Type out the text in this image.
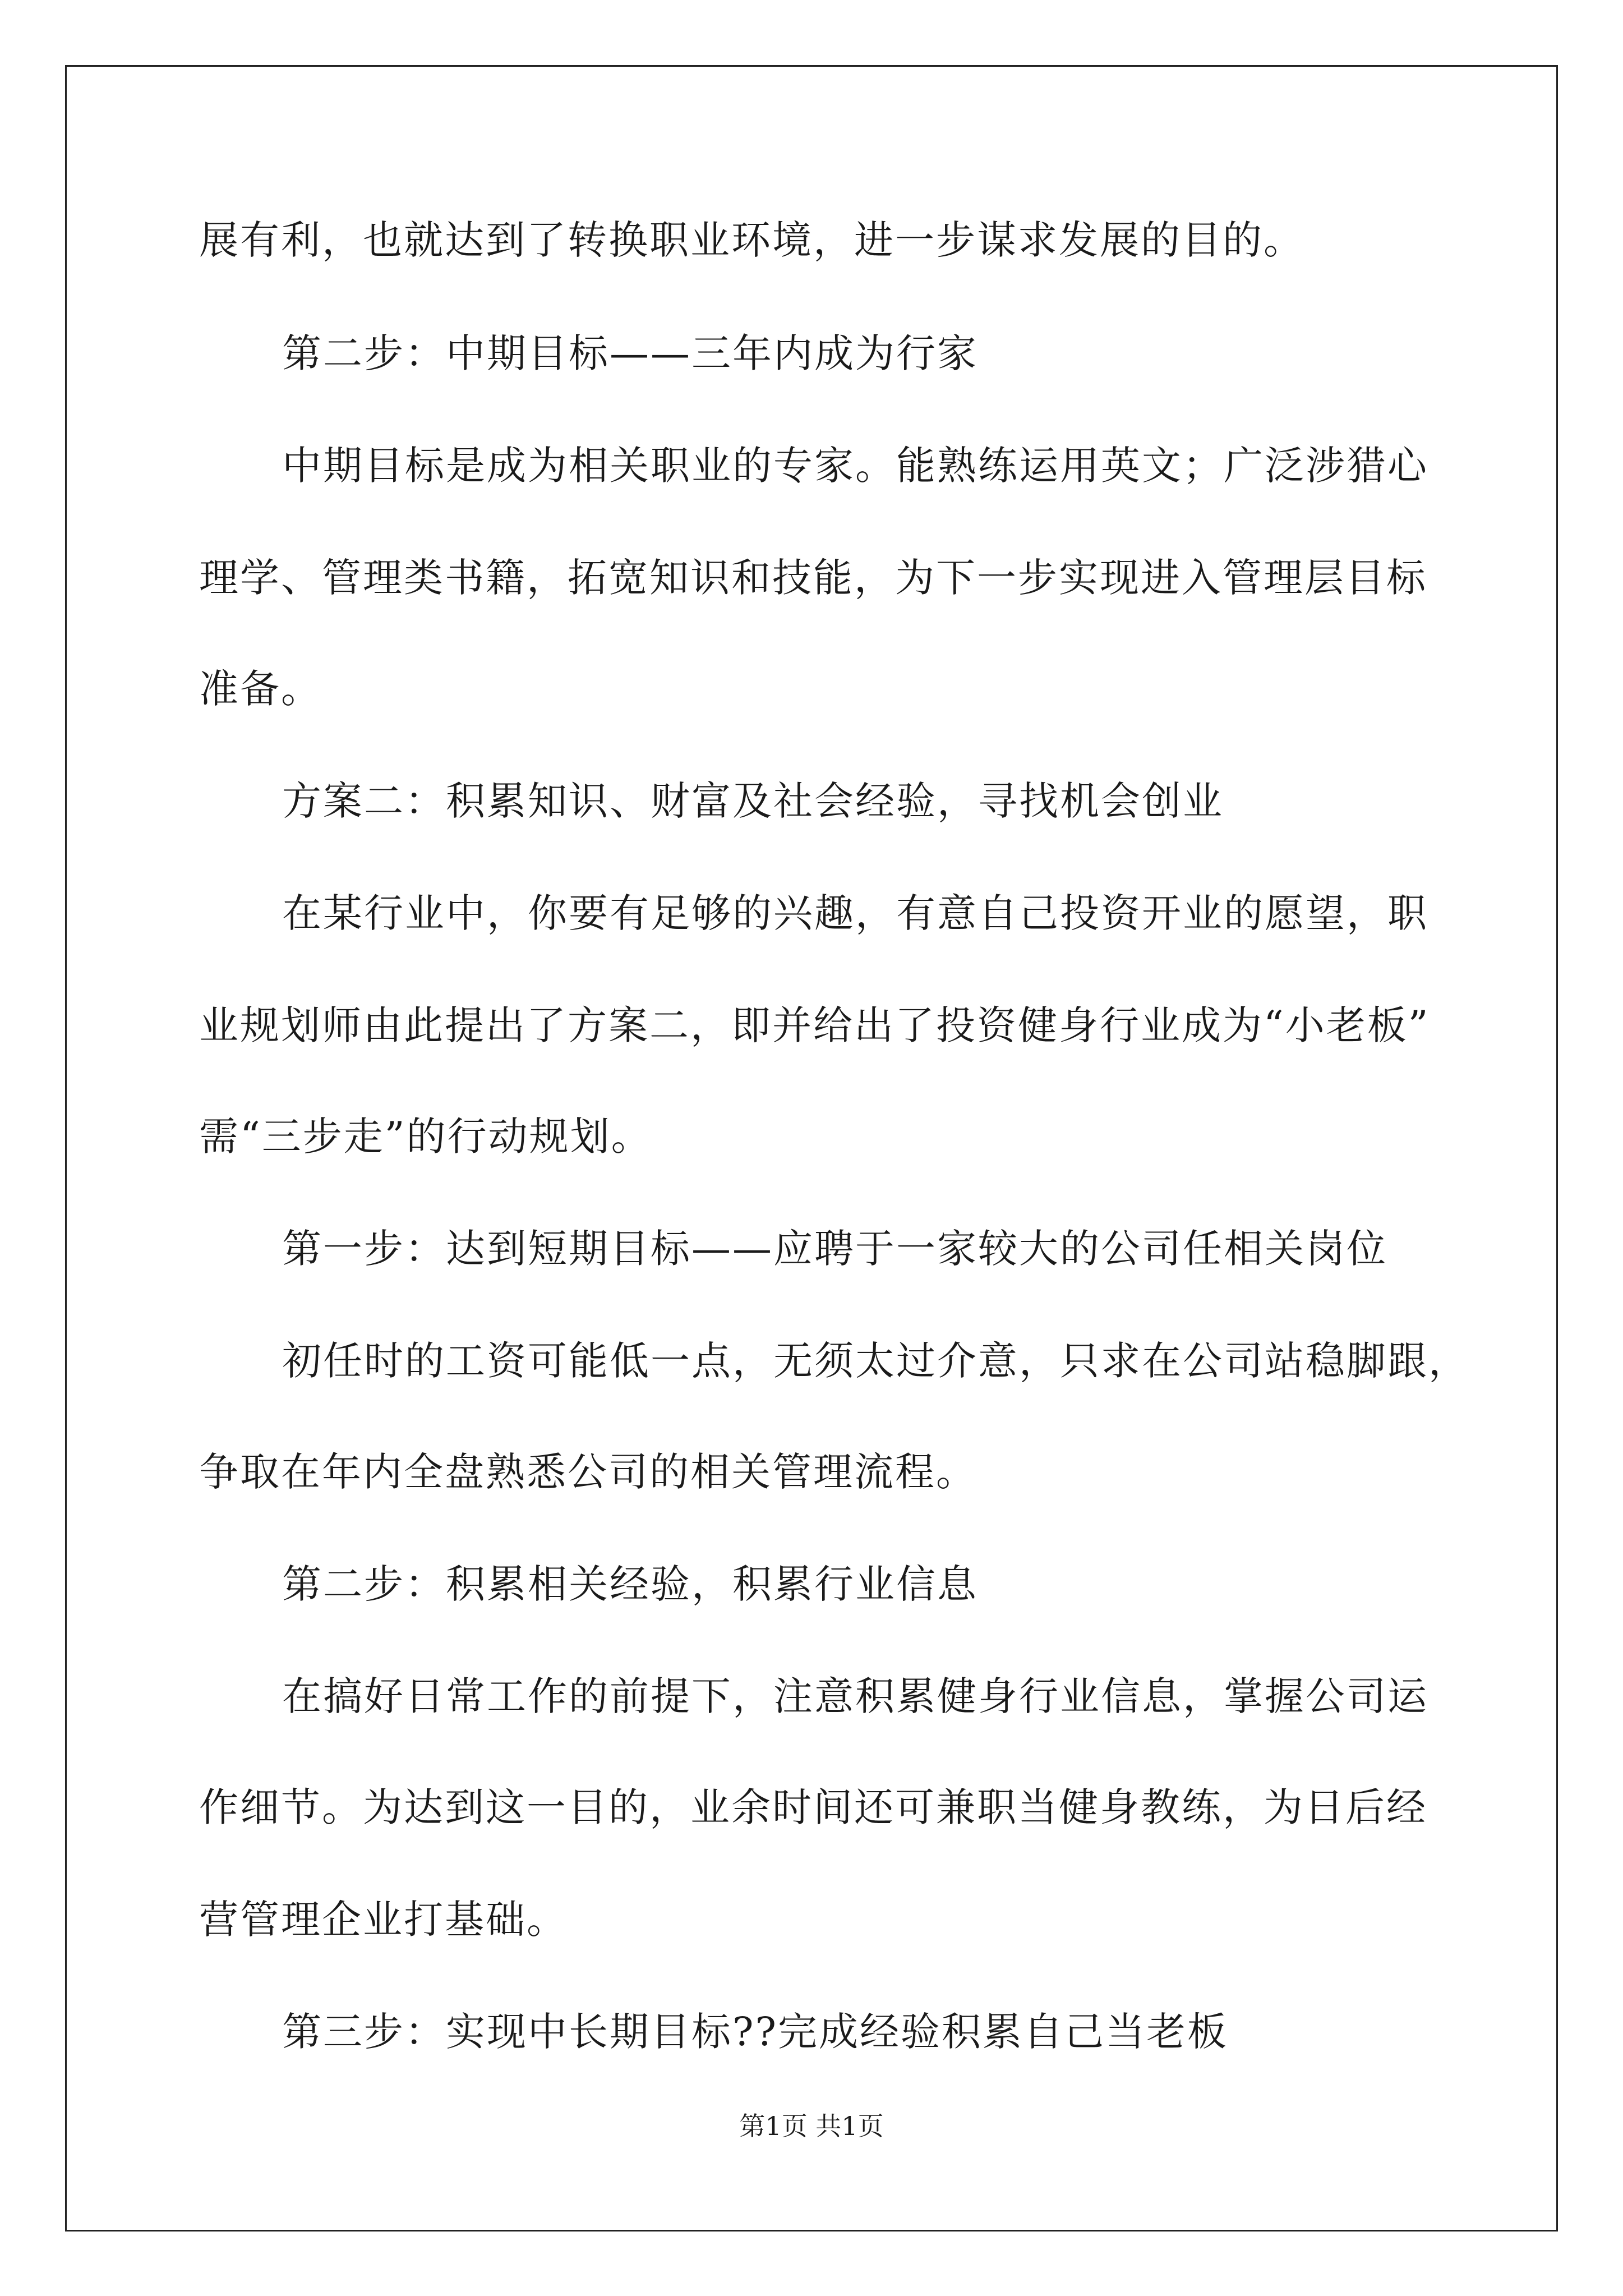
展有利，也就达到了转换职业环境，进一步谋求发展的目的。
第二步：中期目标——三年内成为行家
中期目标是成为相关职业的专家。能熟练运用英文；广泛涉猎心
理学、管理类书籍，拓宽知识和技能，为下一步实现进入管理层目标
准备。
方案二：积累知识、财富及社会经验，寻找机会创业
在某行业中，你要有足够的兴趣，有意自己投资开业的愿望，职
业规划师由此提出了方案二，即并给出了投资健身行业成为“小老板”
需“三步走”的行动规划。
第一步：达到短期目标——应聘于一家较大的公司任相关岗位
初任时的工资可能低一点，无须太过介意，只求在公司站稳脚跟，
争取在年内全盘熟悉公司的相关管理流程。
第二步：积累相关经验，积累行业信息
在搞好日常工作的前提下，注意积累健身行业信息，掌握公司运
作细节。为达到这一目的，业余时间还可兼职当健身教练，为日后经
营管理企业打基础。
第三步：实现中长期目标??完成经验积累自己当老板
第1页 共1页
